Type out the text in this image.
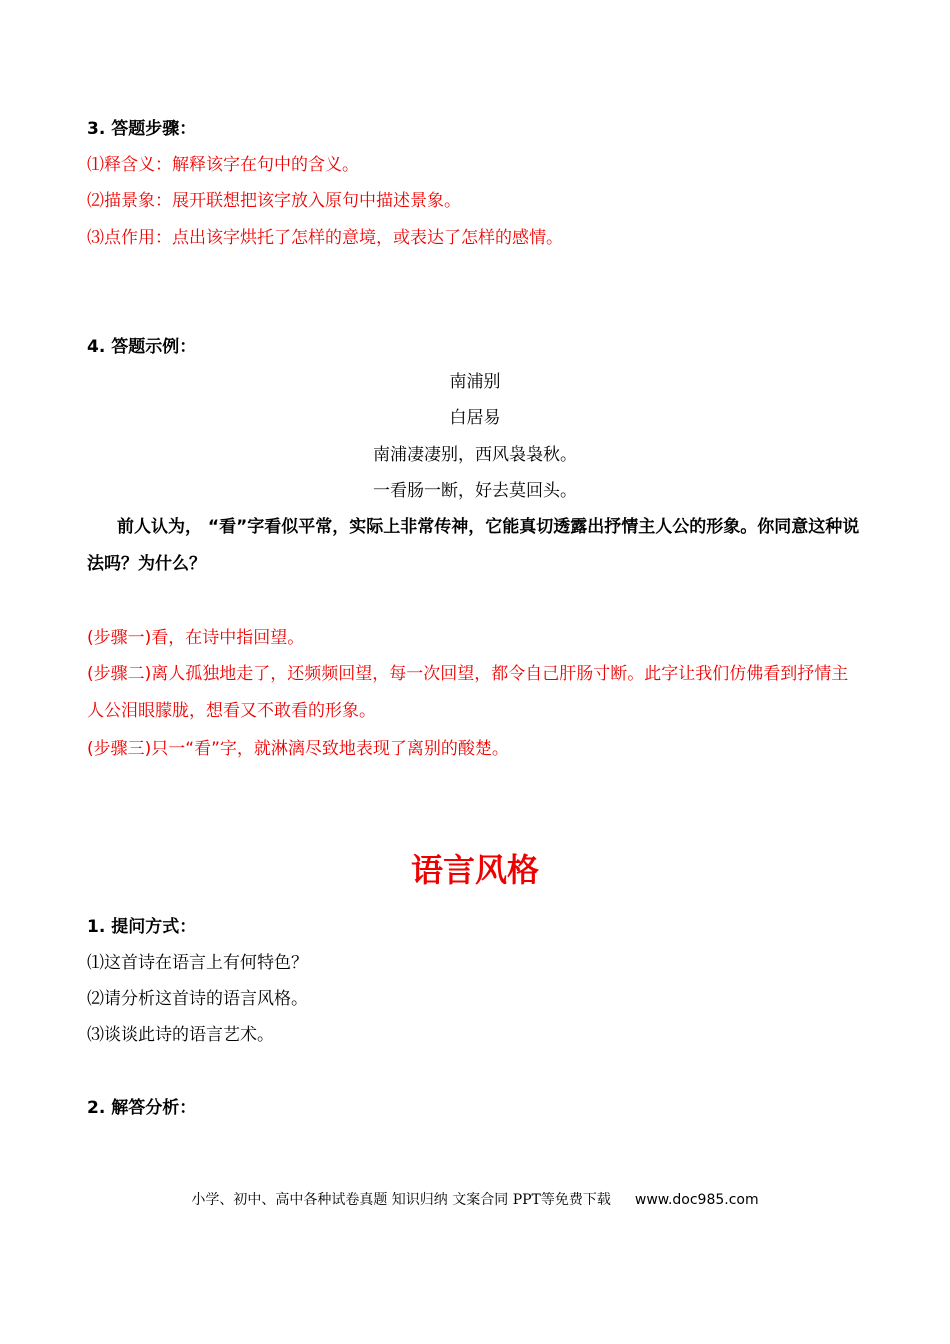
3. 答题步骤：
⑴释含义：解释该字在句中的含义。
⑵描景象：展开联想把该字放入原句中描述景象。
⑶点作用：点出该字烘托了怎样的意境，或表达了怎样的感情。
4. 答题示例：
南浦别
白居易
南浦凄凄别，西风袅袅秋。
一看肠一断，好去莫回头。
前人认为， “看”字看似平常，实际上非常传神，它能真切透露出抒情主人公的形象。你同意这种说法吗？为什么？
(步骤一)看，在诗中指回望。
(步骤二)离人孤独地走了，还频频回望，每一次回望，都令自己肝肠寸断。此字让我们仿佛看到抒情主人公泪眼朦胧，想看又不敢看的形象。
(步骤三)只一“看”字，就淋漓尽致地表现了离别的酸楚。
语言风格
1. 提问方式：
⑴这首诗在语言上有何特色？
⑵请分析这首诗的语言风格。
⑶谈谈此诗的语言艺术。
2. 解答分析：
小学、初中、高中各种试卷真题 知识归纳 文案合同 PPT等免费下载 www.doc985.com
